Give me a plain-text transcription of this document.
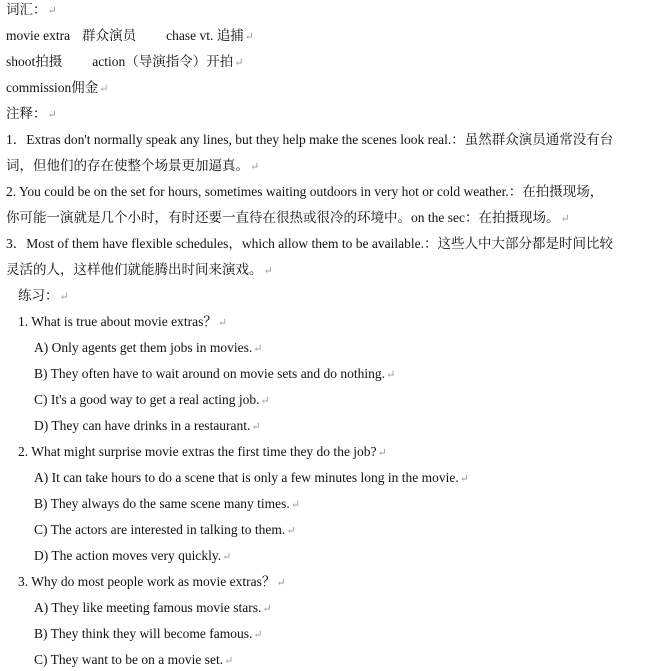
词汇：↵
movie extra 群众演员 chase vt. 追捕↵
shoot拍摄 action（导演指令）开拍↵
commission佣金↵
注释：↵
1．Extras don't normally speak any lines, but they help make the scenes look real.：虽然群众演员通常没有台
词，但他们的存在使整个场景更加逼真。↵
2. You could be on the set for hours, sometimes waiting outdoors in very hot or cold weather.：在拍摄现场，
你可能一演就是几个小时，有时还要一直待在很热或很冷的环境中。on the sec：在拍摄现场。↵
3．Most of them have flexible schedules，which allow them to be available.：这些人中大部分都是时间比较
灵活的人，这样他们就能腾出时间来演戏。↵
练习：↵
1. What is true about movie extras？↵
A) Only agents get them jobs in movies.↵
B) They often have to wait around on movie sets and do nothing.↵
C) It's a good way to get a real acting job.↵
D) They can have drinks in a restaurant.↵
2. What might surprise movie extras the first time they do the job?↵
A) It can take hours to do a scene that is only a few minutes long in the movie.↵
B) They always do the same scene many times.↵
C) The actors are interested in talking to them.↵
D) The action moves very quickly.↵
3. Why do most people work as movie extras？↵
A) They like meeting famous movie stars.↵
B) They think they will become famous.↵
C) They want to be on a movie set.↵
